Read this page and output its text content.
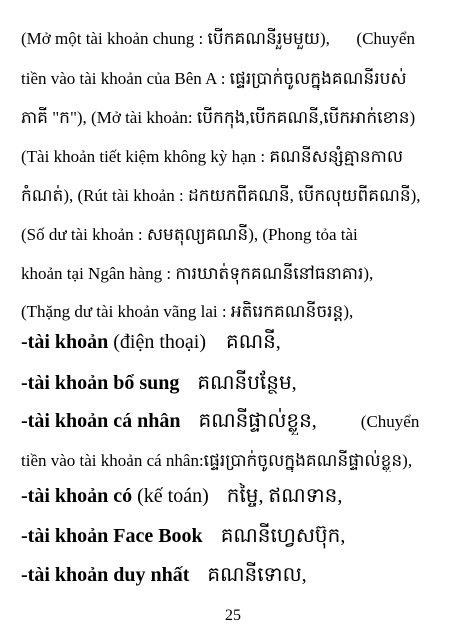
(Mở một tài khoản chung : បើកគណនីរួមមួយ), (Chuyển
tiền vào tài khoản của Bên A : ផ្ទេរប្រាក់ចូលក្នុងគណនីរបស់
ភាគី "ក"), (Mở tài khoản: បើកកុង,បើកគណនី,បើកអាក់ខោន)
(Tài khoản tiết kiệm không kỳ hạn : គណនីសន្សំគ្មានកាល
កំណត់), (Rút tài khoản : ដកយកពីគណនី, បើកលុយពីគណនី),
(Số dư tài khoản : សមតុល្យគណនី), (Phong tỏa tài
khoản tại Ngân hàng : ការឃាត់ទុកគណនីនៅធនាគារ),
(Thặng dư tài khoản vãng lai : អតិរេកគណនីចរន្ត),
-tài khoản (điện thoại) គណនី,
-tài khoản bổ sung គណនីបន្ថែម,
-tài khoản cá nhân គណនីផ្ទាល់ខ្លួន,	(Chuyển
tiền vào tài khoản cá nhân:ផ្ទេរប្រាក់ចូលក្នុងគណនីផ្ទាល់ខ្លួន),
-tài khoản có (kế toán) កម្ចៃ, ឥណទាន,
-tài khoản Face Book គណនីហ្វេសប៊ុក,
-tài khoản duy nhất គណនីទោល,
25
